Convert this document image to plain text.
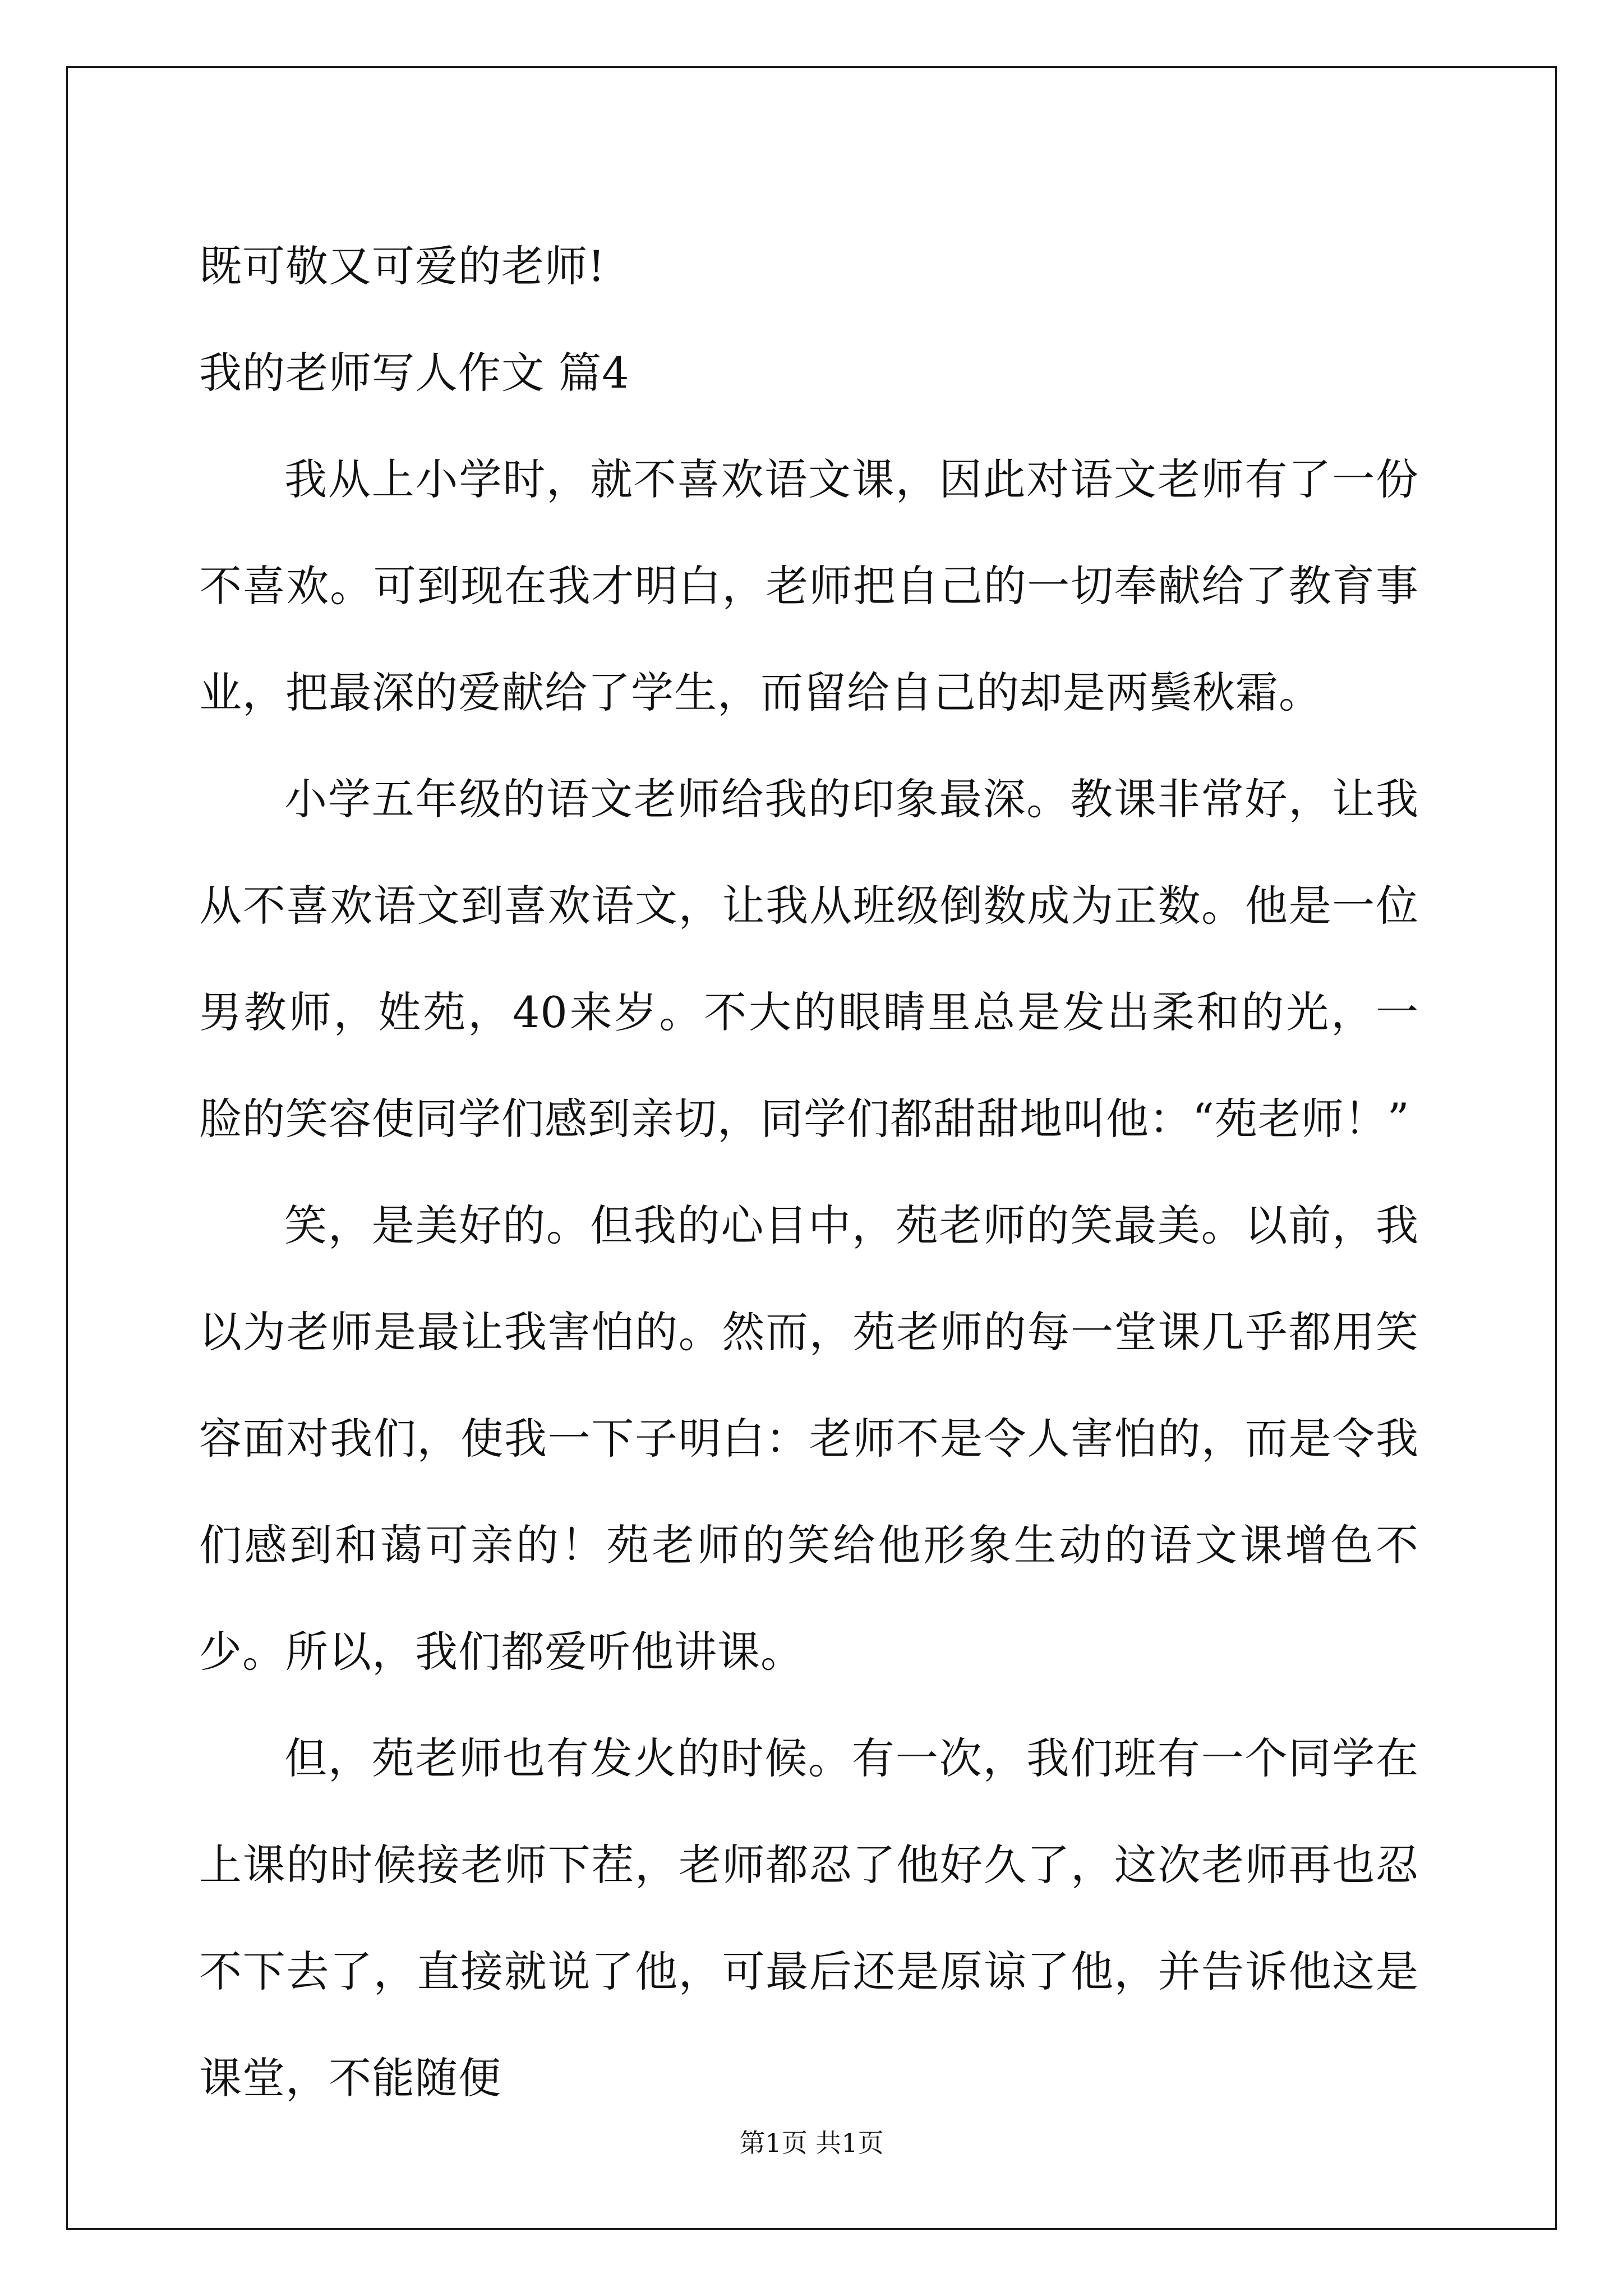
既可敬又可爱的老师!
我的老师写人作文 篇4

我从上小学时，就不喜欢语文课，因此对语文老师有了一份不喜欢。可到现在我才明白，老师把自己的一切奉献给了教育事业，把最深的爱献给了学生，而留给自己的却是两鬓秋霜。

小学五年级的语文老师给我的印象最深。教课非常好，让我从不喜欢语文到喜欢语文，让我从班级倒数成为正数。他是一位男教师，姓苑，40来岁。不大的眼睛里总是发出柔和的光，一脸的笑容使同学们感到亲切，同学们都甜甜地叫他：“苑老师！”

笑，是美好的。但我的心目中，苑老师的笑最美。以前，我以为老师是最让我害怕的。然而，苑老师的每一堂课几乎都用笑容面对我们，使我一下子明白：老师不是令人害怕的，而是令我们感到和蔼可亲的！苑老师的笑给他形象生动的语文课增色不少。所以，我们都爱听他讲课。

但，苑老师也有发火的时候。有一次，我们班有一个同学在上课的时候接老师下茬，老师都忍了他好久了，这次老师再也忍不下去了，直接就说了他，可最后还是原谅了他，并告诉他这是课堂，不能随便

第1页 共1页
